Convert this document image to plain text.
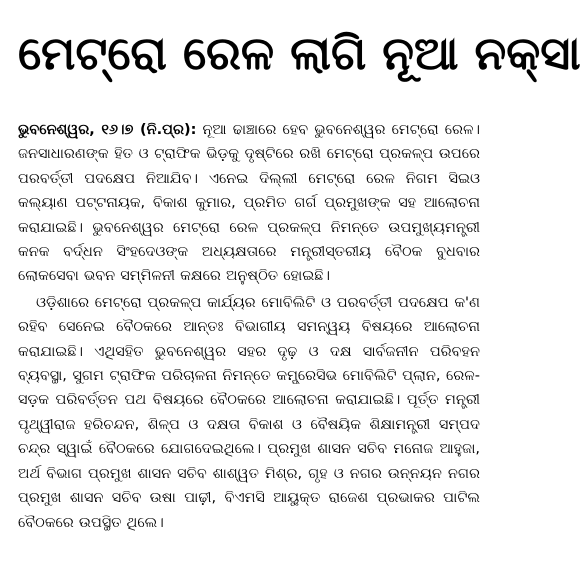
ମେଟ୍ରୋ ରେଳ ଲାଗି ନୂଆ ନକ୍ସା

ଭୁବନେଶ୍ୱର, ୧୬।୭ (ନି.ପ୍ର): ନୂଆ ଢାଞ୍ଚାରେ ହେବ ଭୁବନେଶ୍ୱର ମେଟ୍ରୋ ରେଳ। ଜନସାଧାରଣଙ୍କ ହିତ ଓ ଟ୍ରାଫିକ ଭିଡ଼କୁ ଦୃଷ୍ଟିରେ ରଖି ମେଟ୍ରୋ ପ୍ରକଳ୍ପ ଉପରେ ପରବର୍ତ୍ତୀ ପଦକ୍ଷେପ ନିଆଯିବ। ଏନେଇ ଦିଲ୍ଲୀ ମେଟ୍ରୋ ରେଳ ନିଗମ ସିଇଓ କଲ୍ୟାଣ ପଟ୍ଟନାୟକ, ବିକାଶ କୁମାର, ପ୍ରମିତ ଗର୍ଗ ପ୍ରମୁଖଙ୍କ ସହ ଆଲୋଚନା କରାଯାଇଛି। ଭୁବନେଶ୍ୱର ମେଟ୍ରୋ ରେଳ ପ୍ରକଳ୍ପ ନିମନ୍ତେ ଉପମୁଖ୍ୟମନ୍ତ୍ରୀ କନକ ବର୍ଦ୍ଧନ ସିଂହଦେଓଙ୍କ ଅଧ୍ୟକ୍ଷତାରେ ମନ୍ତ୍ରୀସ୍ତରୀୟ ବୈଠକ ବୁଧବାର ଲୋକସେବା ଭବନ ସମ୍ମିଳନୀ କକ୍ଷରେ ଅନୁଷ୍ଠିତ ହୋଇଛି।

ଓଡ଼ିଶାରେ ମେଟ୍ରୋ ପ୍ରକଳ୍ପ କାର୍ଯ୍ୟର ମୋବିଲିଟି ଓ ପରବର୍ତ୍ତୀ ପଦକ୍ଷେପ କ'ଣ ରହିବ ସେନେଇ ବୈଠକରେ ଆନ୍ତଃ ବିଭାଗୀୟ ସମନ୍ୱୟ ବିଷୟରେ ଆଲୋଚନା କରାଯାଇଛି। ଏଥିସହିତ ଭୁବନେଶ୍ୱର ସହର ଦୃଢ଼ ଓ ଦକ୍ଷ ସାର୍ବଜନୀନ ପରିବହନ ବ୍ୟବସ୍ଥା, ସୁଗମ ଟ୍ରାଫିକ ପରିଚାଳନା ନିମନ୍ତେ କମ୍ପ୍ରେସିଭ ମୋବିଲିଟି ପ୍ଲାନ, ରେଳ-ସଡ଼କ ପରିବର୍ତ୍ତନ ପଥ ବିଷୟରେ ବୈଠକରେ ଆଲୋଚନା କରାଯାଇଛି। ପୂର୍ତ୍ତ ମନ୍ତ୍ରୀ ପୃଥ୍ୱୀରାଜ ହରିଚନ୍ଦନ, ଶିଳ୍ପ ଓ ଦକ୍ଷତା ବିକାଶ ଓ ବୈଷୟିକ ଶିକ୍ଷାମନ୍ତ୍ରୀ ସମ୍ପଦ ଚନ୍ଦ୍ର ସ୍ୱାଇଁ ବୈଠକରେ ଯୋଗଦେଇଥିଲେ। ପ୍ରମୁଖ ଶାସନ ସଚିବ ମନୋଜ ଆହୁଜା, ଅର୍ଥ ବିଭାଗ ପ୍ରମୁଖ ଶାସନ ସଚିବ ଶାଶ୍ୱତ ମିଶ୍ର, ଗୃହ ଓ ନଗର ଉନ୍ନୟନ ନଗର ପ୍ରମୁଖ ଶାସନ ସଚିବ ଉଷା ପାଢ଼ୀ, ବିଏମସି ଆୟୁକ୍ତ ରାଜେଶ ପ୍ରଭାକର ପାଟିଲ ବୈଠକରେ ଉପସ୍ଥିତ ଥିଲେ।
